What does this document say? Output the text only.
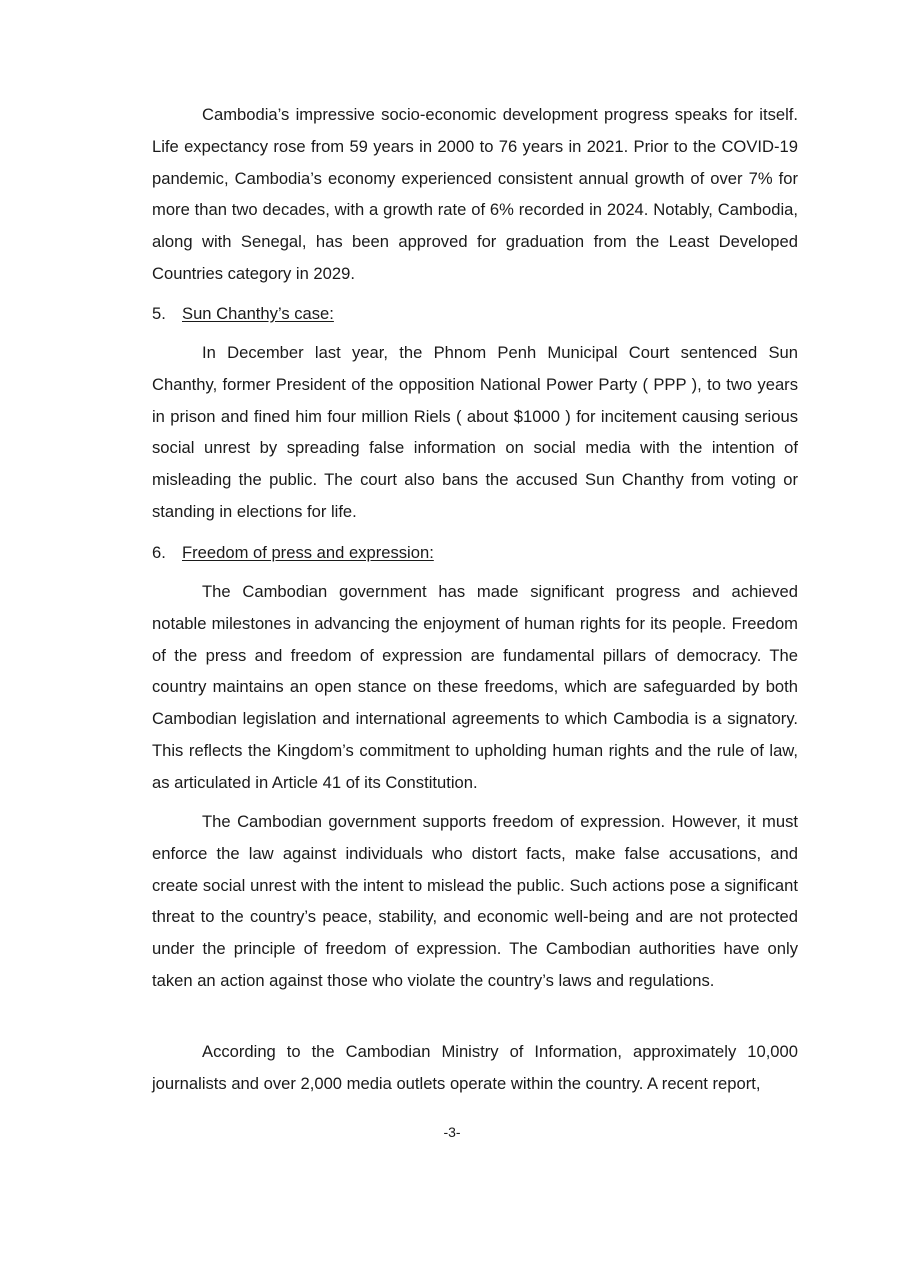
Cambodia’s impressive socio-economic development progress speaks for itself. Life expectancy rose from 59 years in 2000 to 76 years in 2021. Prior to the COVID-19 pandemic, Cambodia’s economy experienced consistent annual growth of over 7% for more than two decades, with a growth rate of 6% recorded in 2024. Notably, Cambodia, along with Senegal, has been approved for graduation from the Least Developed Countries category in 2029.

5. Sun Chanthy’s case:

In December last year, the Phnom Penh Municipal Court sentenced Sun Chanthy, former President of the opposition National Power Party ( PPP ), to two years in prison and fined him four million Riels ( about $1000 ) for incitement causing serious social unrest by spreading false information on social media with the intention of misleading the public. The court also bans the accused Sun Chanthy from voting or standing in elections for life.

6. Freedom of press and expression:

The Cambodian government has made significant progress and achieved notable milestones in advancing the enjoyment of human rights for its people. Freedom of the press and freedom of expression are fundamental pillars of democracy. The country maintains an open stance on these freedoms, which are safeguarded by both Cambodian legislation and international agreements to which Cambodia is a signatory. This reflects the Kingdom’s commitment to upholding human rights and the rule of law, as articulated in Article 41 of its Constitution.

The Cambodian government supports freedom of expression. However, it must enforce the law against individuals who distort facts, make false accusations, and create social unrest with the intent to mislead the public. Such actions pose a significant threat to the country’s peace, stability, and economic well-being and are not protected under the principle of freedom of expression. The Cambodian authorities have only taken an action against those who violate the country’s laws and regulations.

According to the Cambodian Ministry of Information, approximately 10,000 journalists and over 2,000 media outlets operate within the country. A recent report,

-3-
